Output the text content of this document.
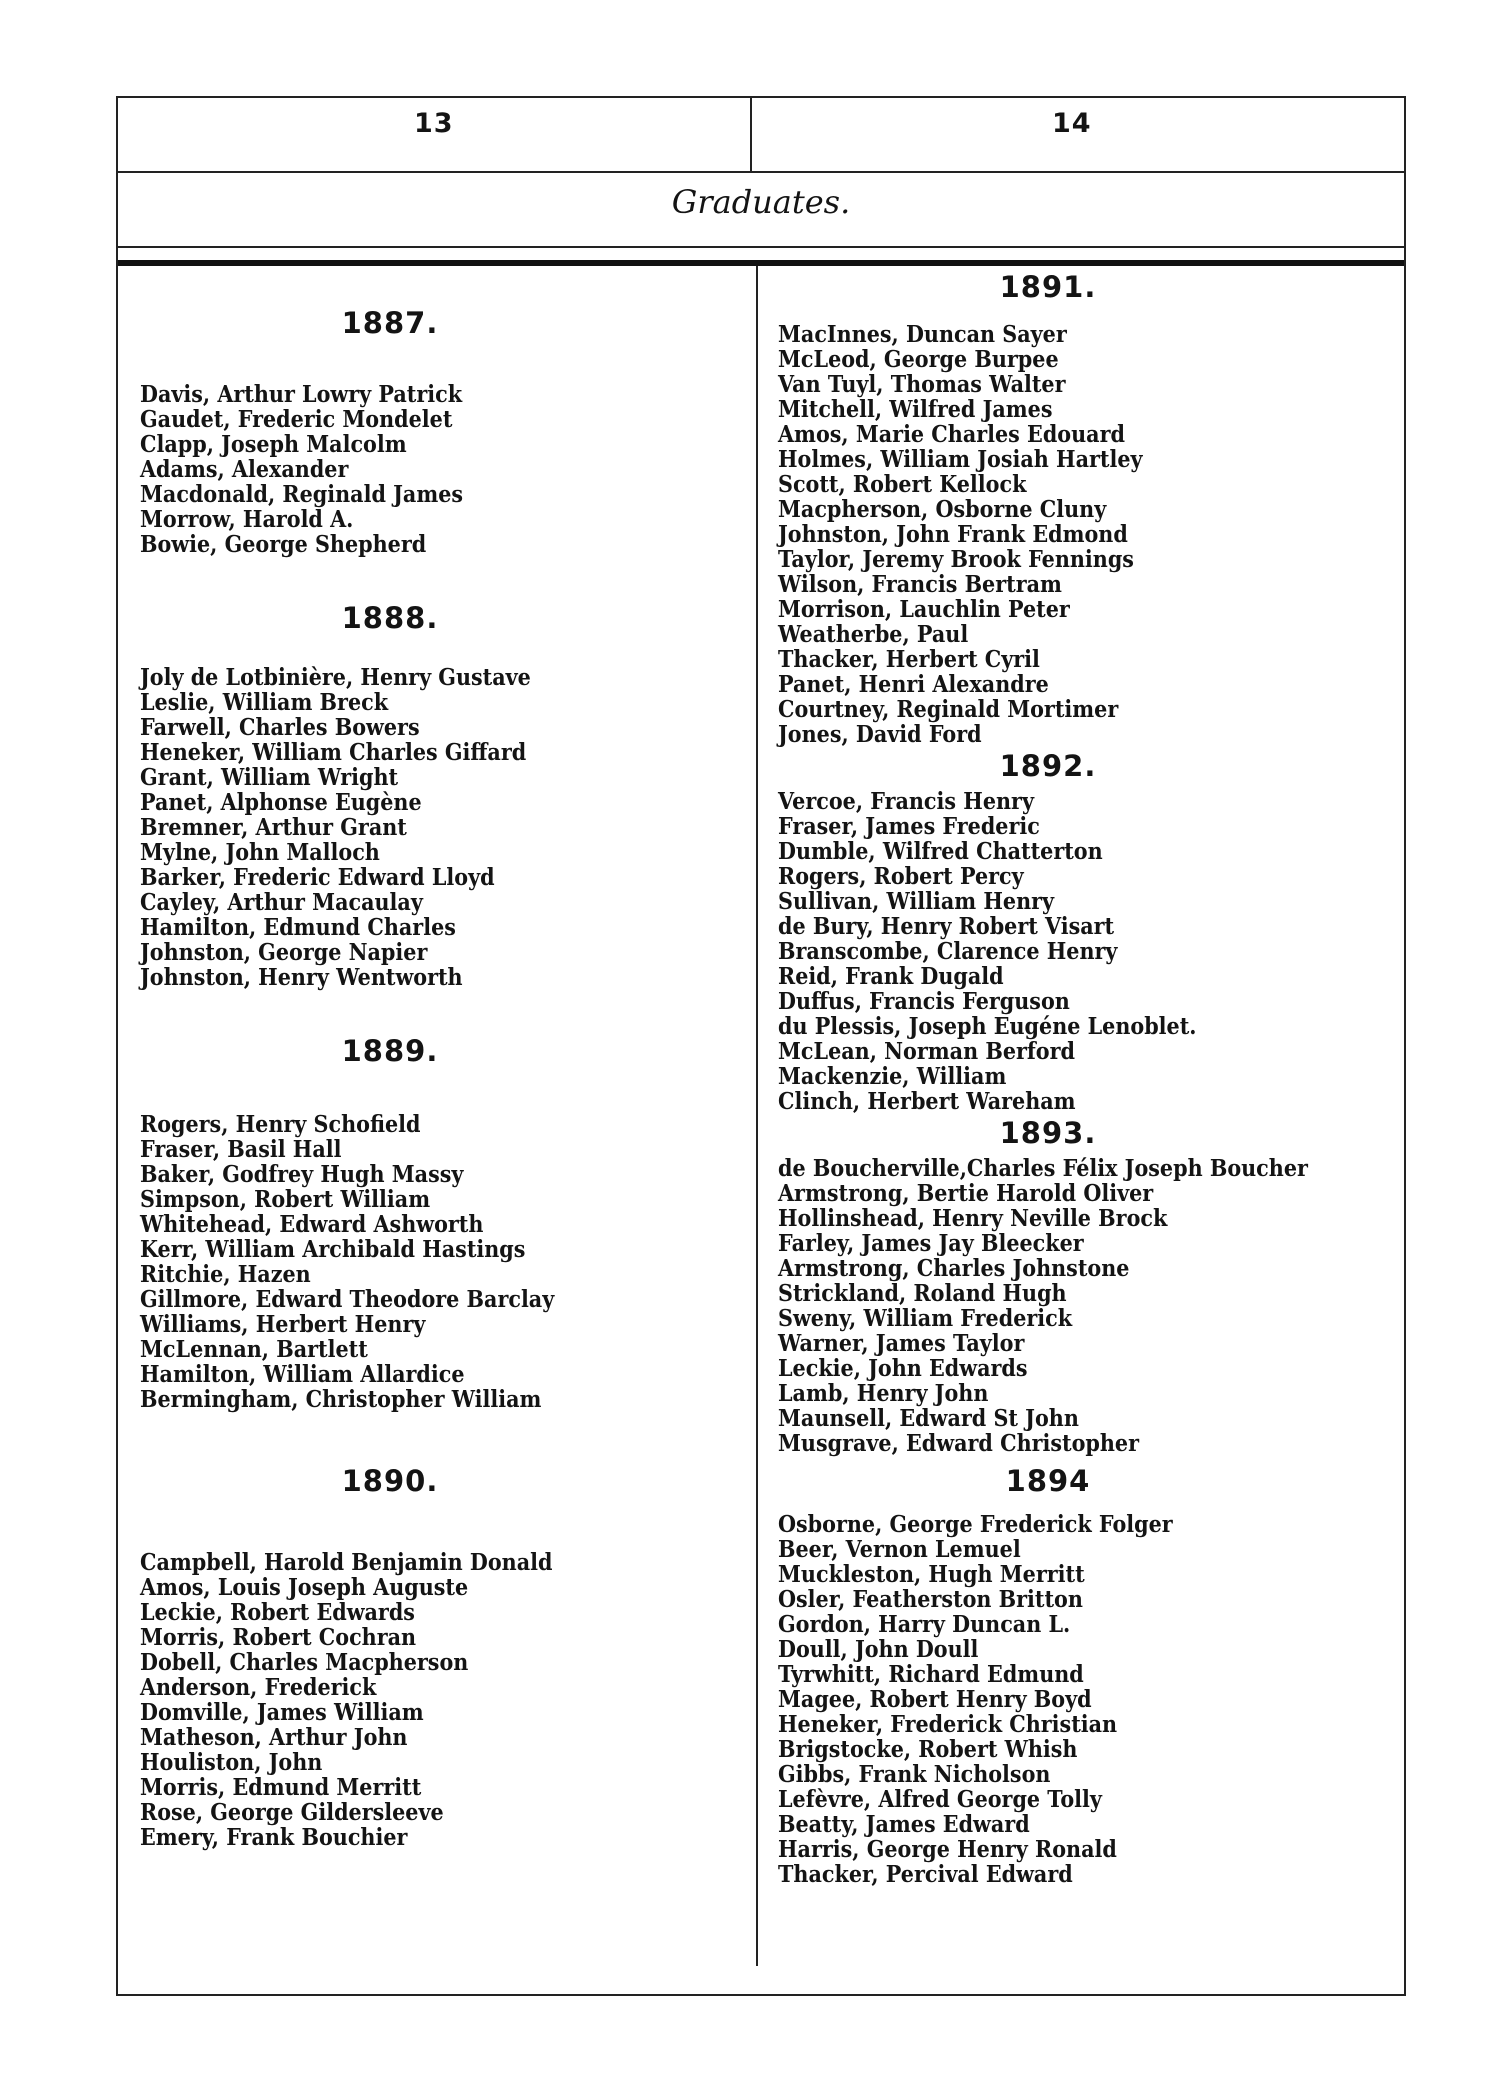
13	14
Graduates.
1887.
Davis, Arthur Lowry Patrick
Gaudet, Frederic Mondelet
Clapp, Joseph Malcolm
Adams, Alexander
Macdonald, Reginald James
Morrow, Harold A.
Bowie, George Shepherd
1888.
Joly de Lotbinière, Henry Gustave
Leslie, William Breck
Farwell, Charles Bowers
Heneker, William Charles Giffard
Grant, William Wright
Panet, Alphonse Eugène
Bremner, Arthur Grant
Mylne, John Malloch
Barker, Frederic Edward Lloyd
Cayley, Arthur Macaulay
Hamilton, Edmund Charles
Johnston, George Napier
Johnston, Henry Wentworth
1889.
Rogers, Henry Schofield
Fraser, Basil Hall
Baker, Godfrey Hugh Massy
Simpson, Robert William
Whitehead, Edward Ashworth
Kerr, William Archibald Hastings
Ritchie, Hazen
Gillmore, Edward Theodore Barclay
Williams, Herbert Henry
McLennan, Bartlett
Hamilton, William Allardice
Bermingham, Christopher William
1890.
Campbell, Harold Benjamin Donald
Amos, Louis Joseph Auguste
Leckie, Robert Edwards
Morris, Robert Cochran
Dobell, Charles Macpherson
Anderson, Frederick
Domville, James William
Matheson, Arthur John
Houliston, John
Morris, Edmund Merritt
Rose, George Gildersleeve
Emery, Frank Bouchier
1891.
MacInnes, Duncan Sayer
McLeod, George Burpee
Van Tuyl, Thomas Walter
Mitchell, Wilfred James
Amos, Marie Charles Edouard
Holmes, William Josiah Hartley
Scott, Robert Kellock
Macpherson, Osborne Cluny
Johnston, John Frank Edmond
Taylor, Jeremy Brook Fennings
Wilson, Francis Bertram
Morrison, Lauchlin Peter
Weatherbe, Paul
Thacker, Herbert Cyril
Panet, Henri Alexandre
Courtney, Reginald Mortimer
Jones, David Ford
1892.
Vercoe, Francis Henry
Fraser, James Frederic
Dumble, Wilfred Chatterton
Rogers, Robert Percy
Sullivan, William Henry
de Bury, Henry Robert Visart
Branscombe, Clarence Henry
Reid, Frank Dugald
Duffus, Francis Ferguson
du Plessis, Joseph Eugéne Lenoblet.
McLean, Norman Berford
Mackenzie, William
Clinch, Herbert Wareham
1893.
de Boucherville,Charles Félix Joseph Boucher
Armstrong, Bertie Harold Oliver
Hollinshead, Henry Neville Brock
Farley, James Jay Bleecker
Armstrong, Charles Johnstone
Strickland, Roland Hugh
Sweny, William Frederick
Warner, James Taylor
Leckie, John Edwards
Lamb, Henry John
Maunsell, Edward St John
Musgrave, Edward Christopher
1894
Osborne, George Frederick Folger
Beer, Vernon Lemuel
Muckleston, Hugh Merritt
Osler, Featherston Britton
Gordon, Harry Duncan L.
Doull, John Doull
Tyrwhitt, Richard Edmund
Magee, Robert Henry Boyd
Heneker, Frederick Christian
Brigstocke, Robert Whish
Gibbs, Frank Nicholson
Lefèvre, Alfred George Tolly
Beatty, James Edward
Harris, George Henry Ronald
Thacker, Percival Edward
